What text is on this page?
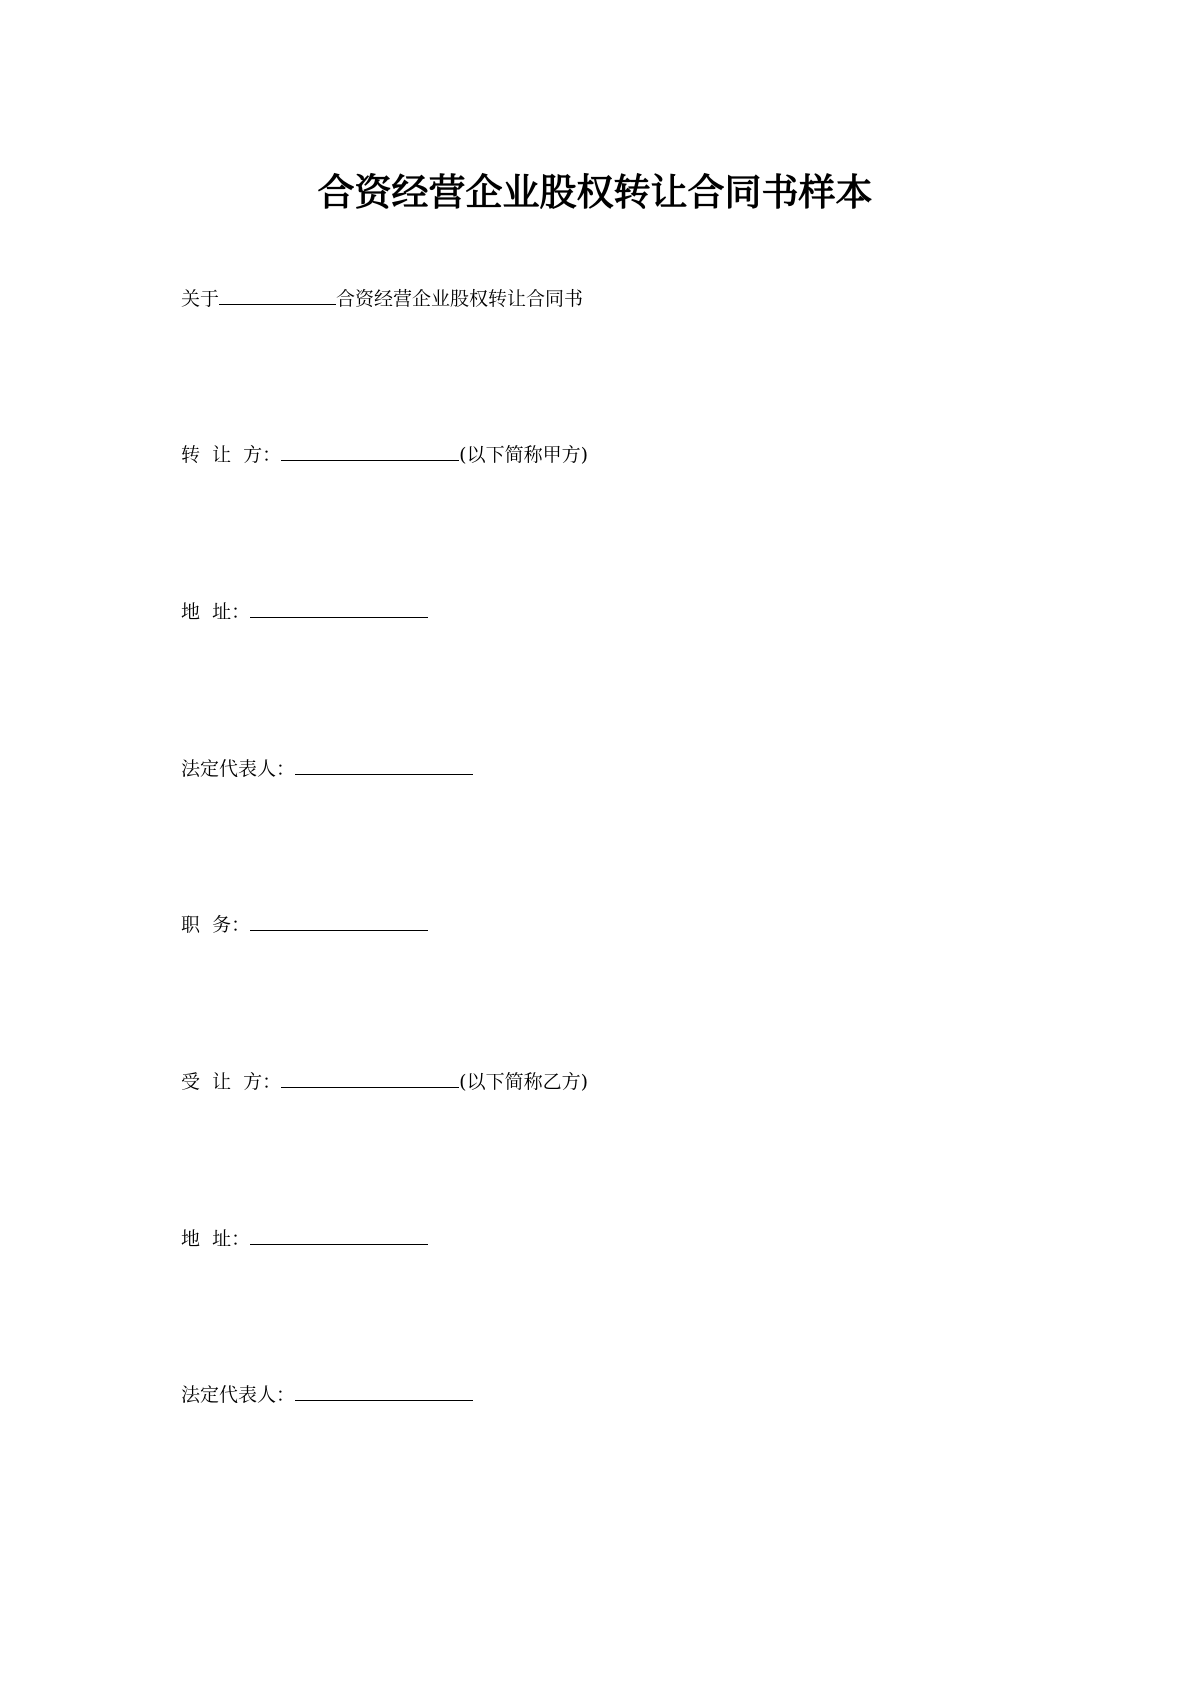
合资经营企业股权转让合同书样本
关于	合资经营企业股权转让合同书
转  让  方：	(以下简称甲方)
地  址：
法定代表人：
职  务：
受  让  方：	(以下简称乙方)
地  址：
法定代表人：
